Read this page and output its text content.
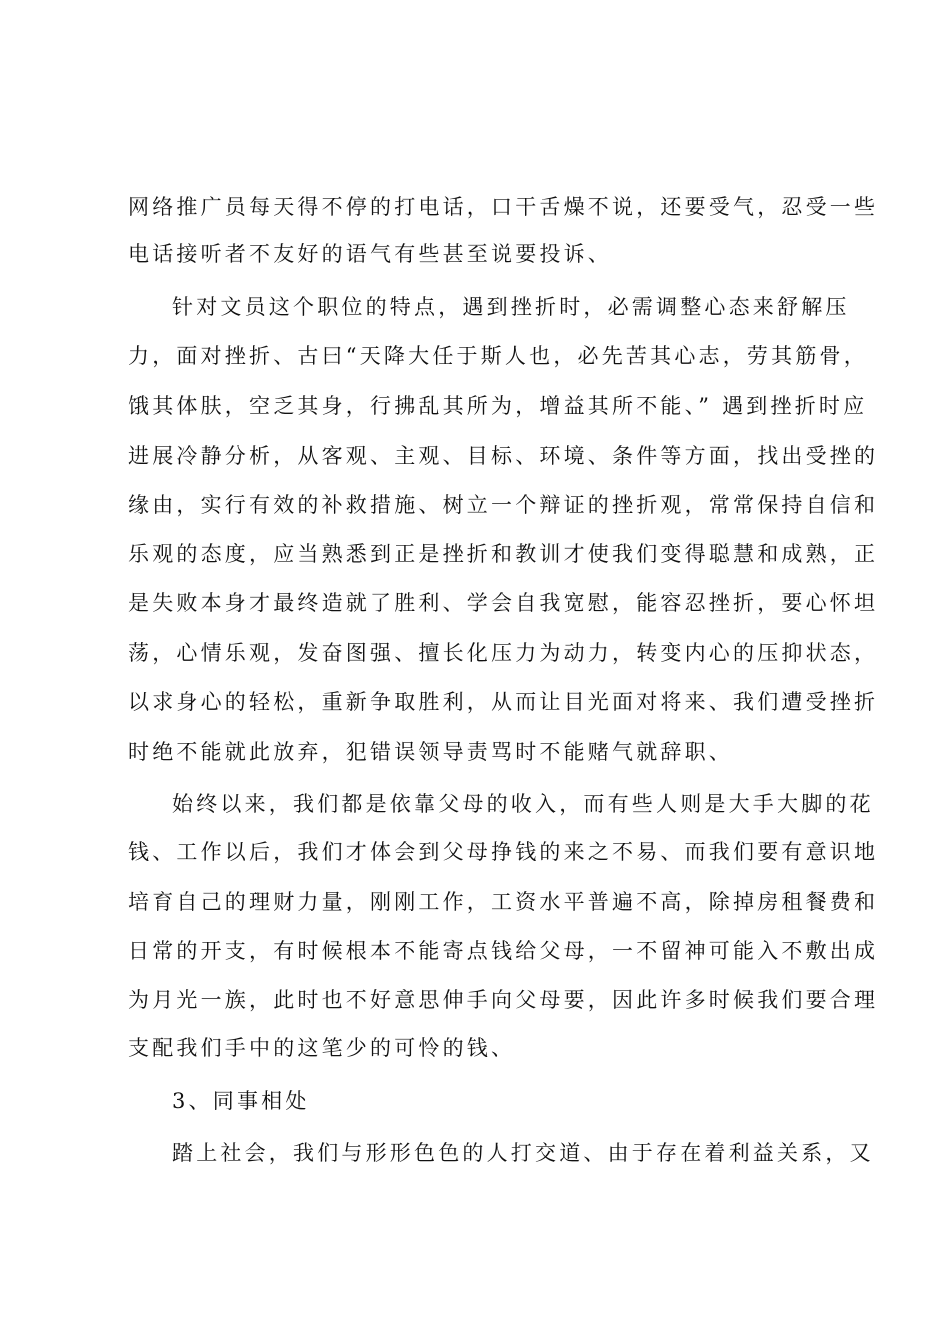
网络推广员每天得不停的打电话，口干舌燥不说，还要受气，忍受一些
电话接听者不友好的语气有些甚至说要投诉、
针对文员这个职位的特点，遇到挫折时，必需调整心态来舒解压
力，面对挫折、古曰“天降大任于斯人也，必先苦其心志，劳其筋骨，
饿其体肤，空乏其身，行拂乱其所为，增益其所不能、” 遇到挫折时应
进展冷静分析，从客观、主观、目标、环境、条件等方面，找出受挫的
缘由，实行有效的补救措施、树立一个辩证的挫折观，常常保持自信和
乐观的态度，应当熟悉到正是挫折和教训才使我们变得聪慧和成熟，正
是失败本身才最终造就了胜利、学会自我宽慰，能容忍挫折，要心怀坦
荡，心情乐观，发奋图强、擅长化压力为动力，转变内心的压抑状态，
以求身心的轻松，重新争取胜利，从而让目光面对将来、我们遭受挫折
时绝不能就此放弃，犯错误领导责骂时不能赌气就辞职、
始终以来，我们都是依靠父母的收入，而有些人则是大手大脚的花
钱、工作以后，我们才体会到父母挣钱的来之不易、而我们要有意识地
培育自己的理财力量，刚刚工作，工资水平普遍不高，除掉房租餐费和
日常的开支，有时候根本不能寄点钱给父母，一不留神可能入不敷出成
为月光一族，此时也不好意思伸手向父母要，因此许多时候我们要合理
支配我们手中的这笔少的可怜的钱、
3、同事相处
踏上社会，我们与形形色色的人打交道、由于存在着利益关系，又
